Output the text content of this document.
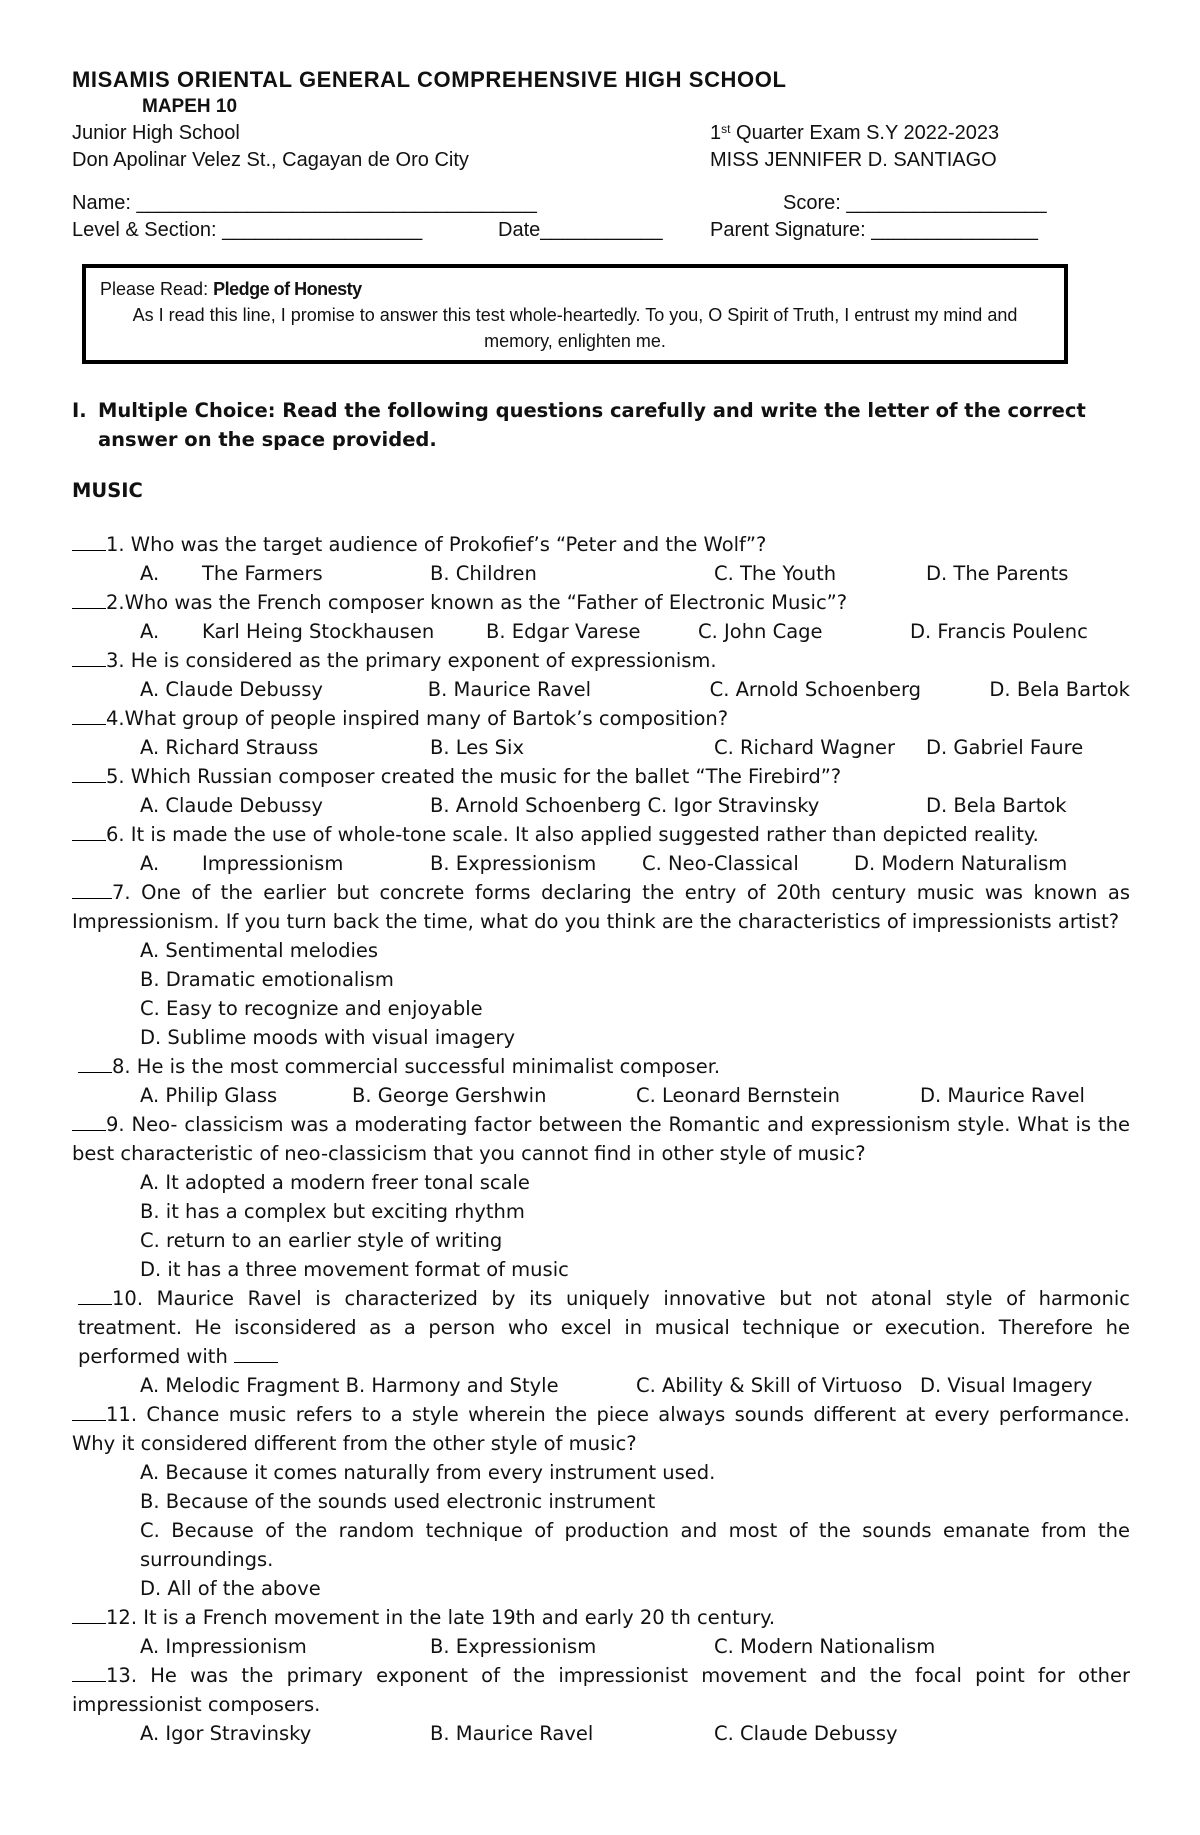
MISAMIS ORIENTAL GENERAL COMPREHENSIVE HIGH SCHOOL
MAPEH 10
Junior High School	1st Quarter Exam S.Y 2022-2023
Don Apolinar Velez St., Cagayan de Oro City	MISS JENNIFER D. SANTIAGO
Name: ____________________________________	Score: __________________
Level & Section: __________________	Date___________	Parent Signature: _______________
Please Read: Pledge of Honesty
As I read this line, I promise to answer this test whole-heartedly. To you, O Spirit of Truth, I entrust my mind and memory, enlighten me.
I. Multiple Choice: Read the following questions carefully and write the letter of the correct answer on the space provided.
MUSIC
1. Who was the target audience of Prokofief’s “Peter and the Wolf”?
A.	The Farmers	B. Children	C. The Youth	D. The Parents
2.Who was the French composer known as the “Father of Electronic Music”?
A.	Karl Heing Stockhausen	B. Edgar Varese	C. John Cage	D. Francis Poulenc
3. He is considered as the primary exponent of expressionism.
A. Claude Debussy	B. Maurice Ravel	C. Arnold Schoenberg	D. Bela Bartok
4.What group of people inspired many of Bartok’s composition?
A. Richard Strauss	B. Les Six	C. Richard Wagner	D. Gabriel Faure
5. Which Russian composer created the music for the ballet “The Firebird”?
A. Claude Debussy	B. Arnold Schoenberg C. Igor Stravinsky	D. Bela Bartok
6. It is made the use of whole-tone scale. It also applied suggested rather than depicted reality.
A.	Impressionism	B. Expressionism	C. Neo-Classical	D. Modern Naturalism
7. One of the earlier but concrete forms declaring the entry of 20th century music was known as Impressionism. If you turn back the time, what do you think are the characteristics of impressionists artist?
A. Sentimental melodies
B. Dramatic emotionalism
C. Easy to recognize and enjoyable
D. Sublime moods with visual imagery
8. He is the most commercial successful minimalist composer.
A. Philip Glass	B. George Gershwin	C. Leonard Bernstein	D. Maurice Ravel
9. Neo- classicism was a moderating factor between the Romantic and expressionism style. What is the best characteristic of neo-classicism that you cannot find in other style of music?
A. It adopted a modern freer tonal scale
B. it has a complex but exciting rhythm
C. return to an earlier style of writing
D. it has a three movement format of music
10. Maurice Ravel is characterized by its uniquely innovative but not atonal style of harmonic treatment. He isconsidered as a person who excel in musical technique or execution. Therefore he performed with
A. Melodic Fragment B. Harmony and Style	C. Ability & Skill of Virtuoso D. Visual Imagery
11. Chance music refers to a style wherein the piece always sounds different at every performance. Why it considered different from the other style of music?
A. Because it comes naturally from every instrument used.
B. Because of the sounds used electronic instrument
C. Because of the random technique of production and most of the sounds emanate from the surroundings.
D. All of the above
12. It is a French movement in the late 19th and early 20 th century.
A. Impressionism	B. Expressionism	C. Modern Nationalism
13. He was the primary exponent of the impressionist movement and the focal point for other impressionist composers.
A. Igor Stravinsky	B. Maurice Ravel	C. Claude Debussy
